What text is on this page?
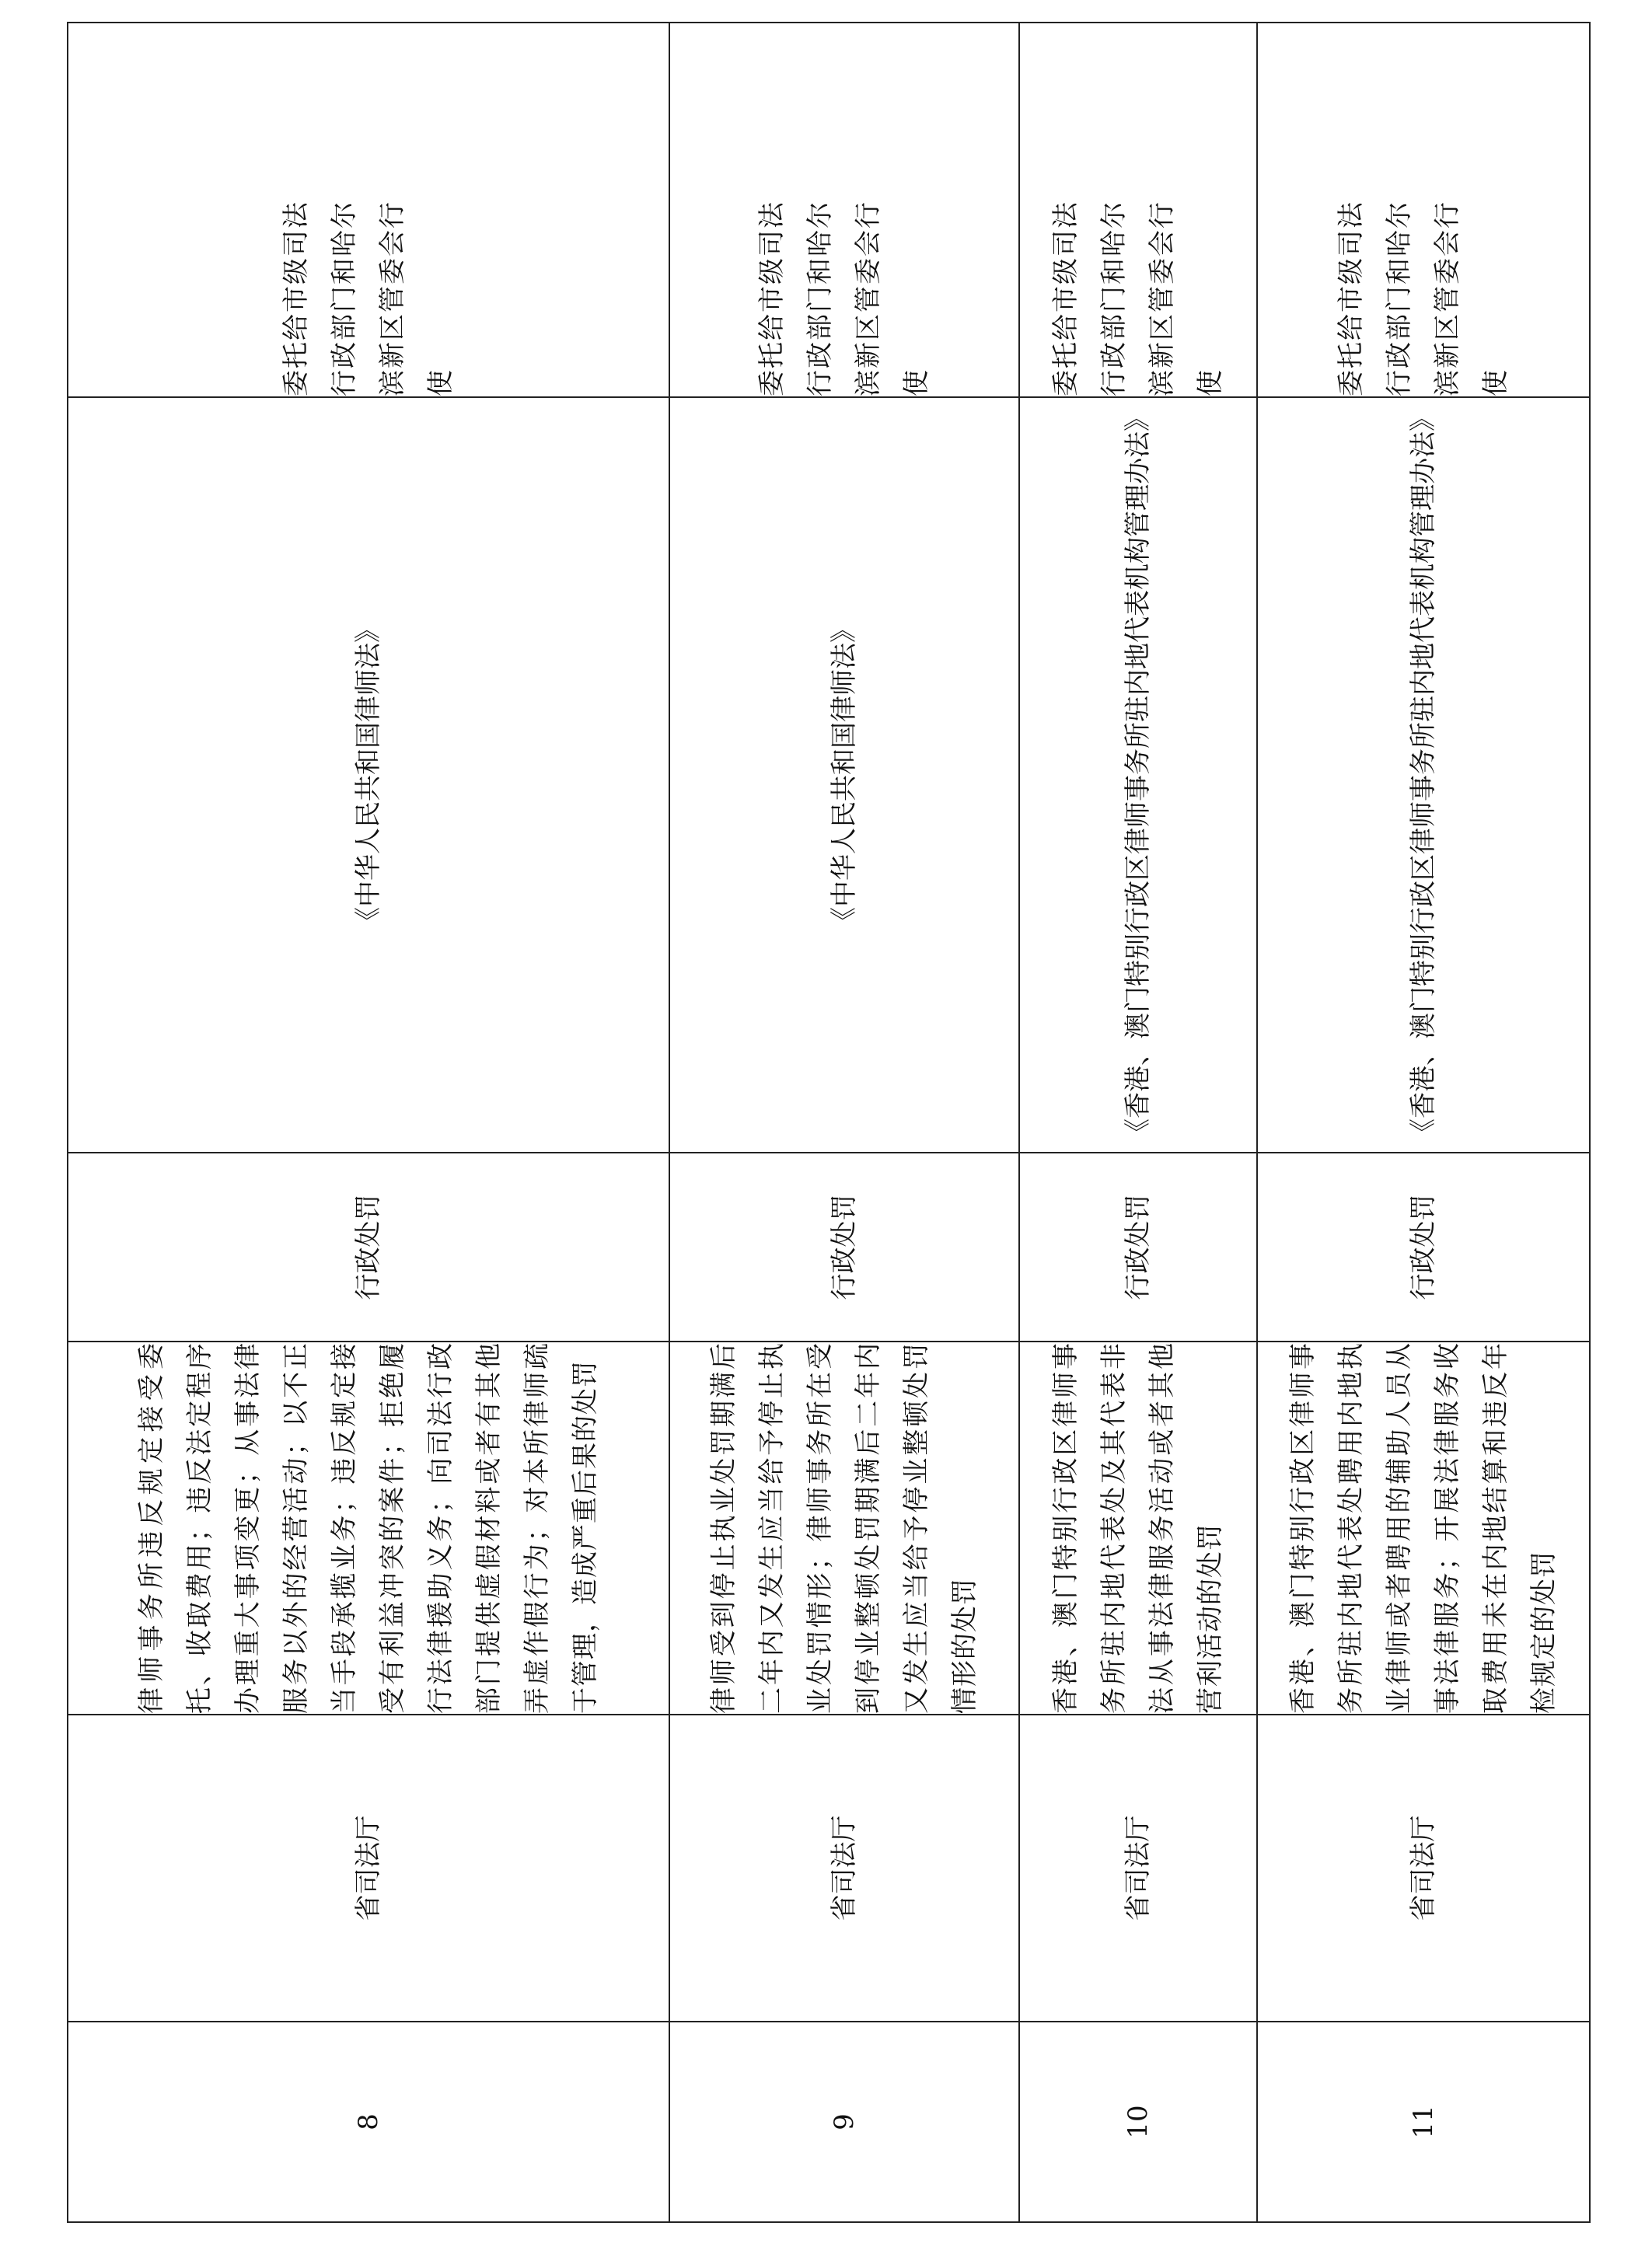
8	省司法厅	律师事务所违反规定接受委托、收取费用；违反法定程序办理重大事项变更；从事法律服务以外的经营活动；以不正当手段承揽业务；违反规定接受有利益冲突的案件；拒绝履行法律援助义务；向司法行政部门提供虚假材料或者有其他弄虚作假行为；对本所律师疏于管理，造成严重后果的处罚	行政处罚	《中华人民共和国律师法》	委托给市级司法行政部门和哈尔滨新区管委会行使
9	省司法厅	律师受到停止执业处罚期满后二年内又发生应当给予停止执业处罚情形；律师事务所在受到停业整顿处罚期满后二年内又发生应当给予停业整顿处罚情形的处罚	行政处罚	《中华人民共和国律师法》	委托给市级司法行政部门和哈尔滨新区管委会行使
10	省司法厅	香港、澳门特别行政区律师事务所驻内地代表处及其代表非法从事法律服务活动或者其他营利活动的处罚	行政处罚	《香港、澳门特别行政区律师事务所驻内地代表机构管理办法》	委托给市级司法行政部门和哈尔滨新区管委会行使
11	省司法厅	香港、澳门特别行政区律师事务所驻内地代表处聘用内地执业律师或者聘用的辅助人员从事法律服务；开展法律服务收取费用未在内地结算和违反年检规定的处罚	行政处罚	《香港、澳门特别行政区律师事务所驻内地代表机构管理办法》	委托给市级司法行政部门和哈尔滨新区管委会行使
